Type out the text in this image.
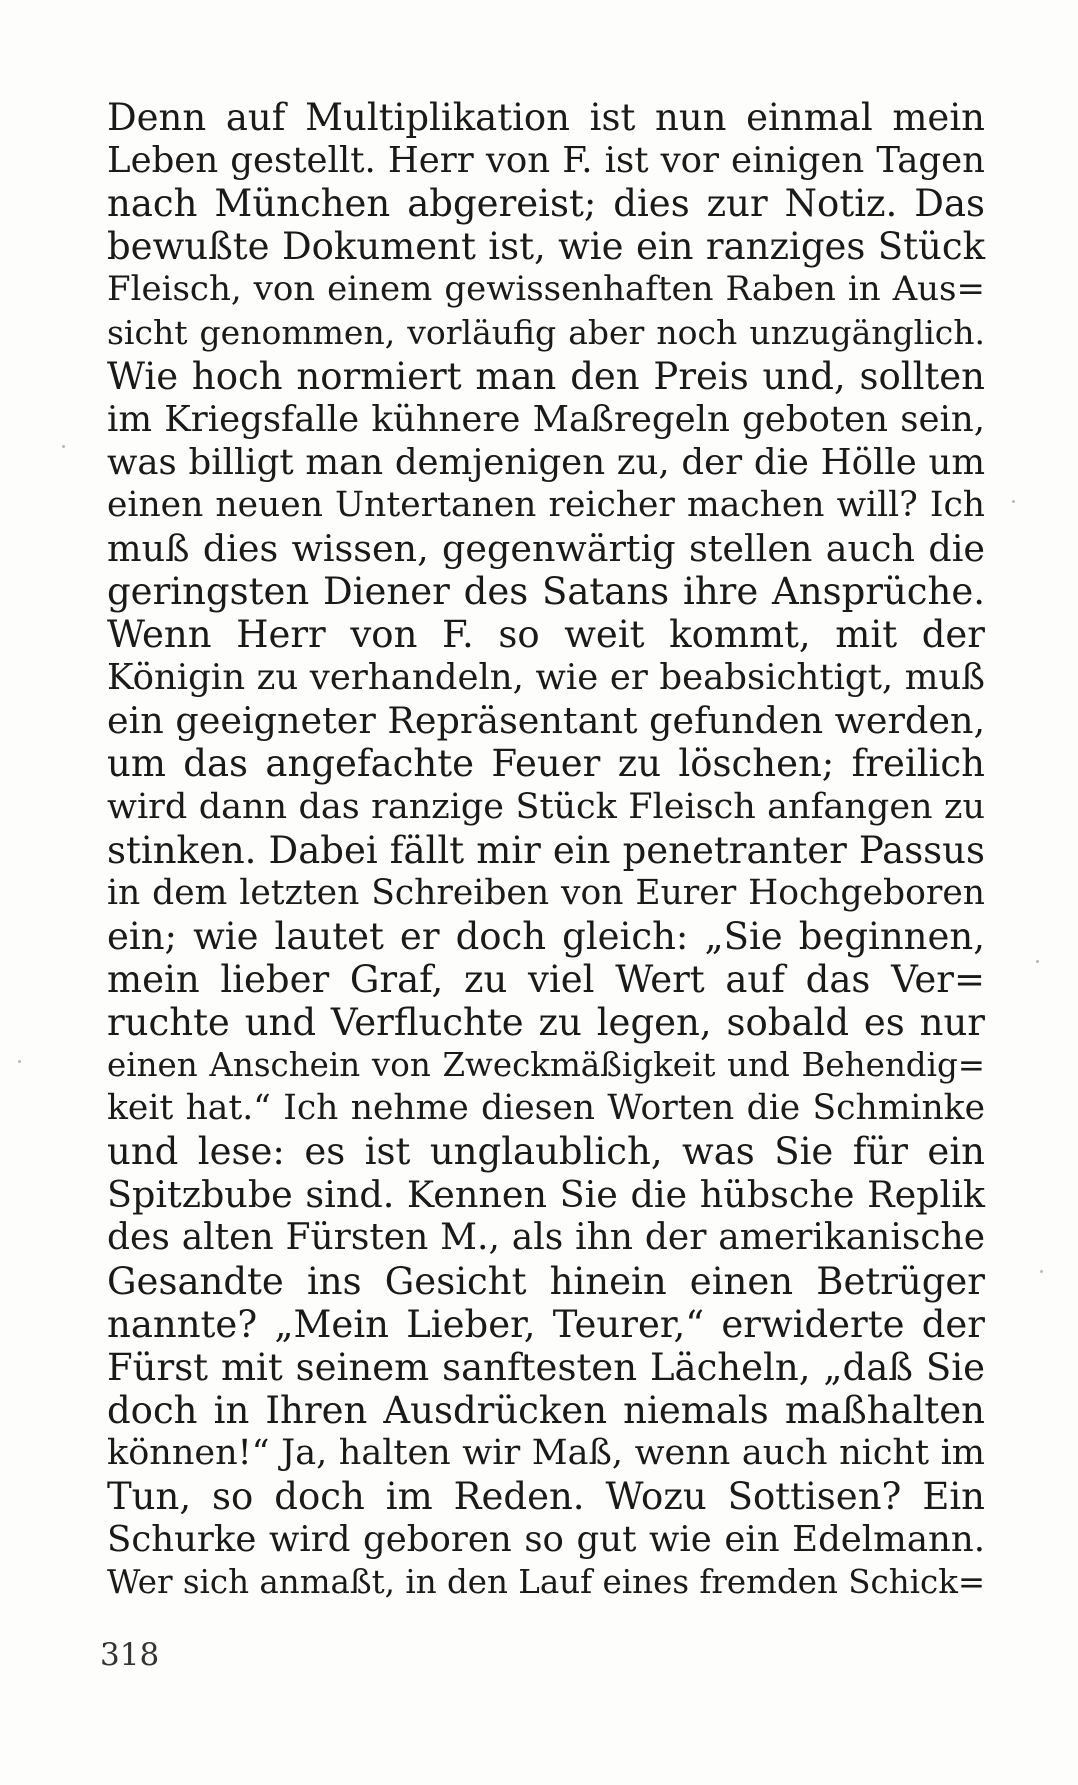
Denn auf Multiplikation ist nun einmal mein
Leben gestellt. Herr von F. ist vor einigen Tagen
nach München abgereist; dies zur Notiz. Das
bewußte Dokument ist, wie ein ranziges Stück
Fleisch, von einem gewissenhaften Raben in Aus=
sicht genommen, vorläufig aber noch unzugänglich.
Wie hoch normiert man den Preis und, sollten
im Kriegsfalle kühnere Maßregeln geboten sein,
was billigt man demjenigen zu, der die Hölle um
einen neuen Untertanen reicher machen will? Ich
muß dies wissen, gegenwärtig stellen auch die
geringsten Diener des Satans ihre Ansprüche.
Wenn Herr von F. so weit kommt, mit der
Königin zu verhandeln, wie er beabsichtigt, muß
ein geeigneter Repräsentant gefunden werden,
um das angefachte Feuer zu löschen; freilich
wird dann das ranzige Stück Fleisch anfangen zu
stinken. Dabei fällt mir ein penetranter Passus
in dem letzten Schreiben von Eurer Hochgeboren
ein; wie lautet er doch gleich: „Sie beginnen,
mein lieber Graf, zu viel Wert auf das Ver=
ruchte und Verfluchte zu legen, sobald es nur
einen Anschein von Zweckmäßigkeit und Behendig=
keit hat.“ Ich nehme diesen Worten die Schminke
und lese: es ist unglaublich, was Sie für ein
Spitzbube sind. Kennen Sie die hübsche Replik
des alten Fürsten M., als ihn der amerikanische
Gesandte ins Gesicht hinein einen Betrüger
nannte? „Mein Lieber, Teurer,“ erwiderte der
Fürst mit seinem sanftesten Lächeln, „daß Sie
doch in Ihren Ausdrücken niemals maßhalten
können!“ Ja, halten wir Maß, wenn auch nicht im
Tun, so doch im Reden. Wozu Sottisen? Ein
Schurke wird geboren so gut wie ein Edelmann.
Wer sich anmaßt, in den Lauf eines fremden Schick=
318
